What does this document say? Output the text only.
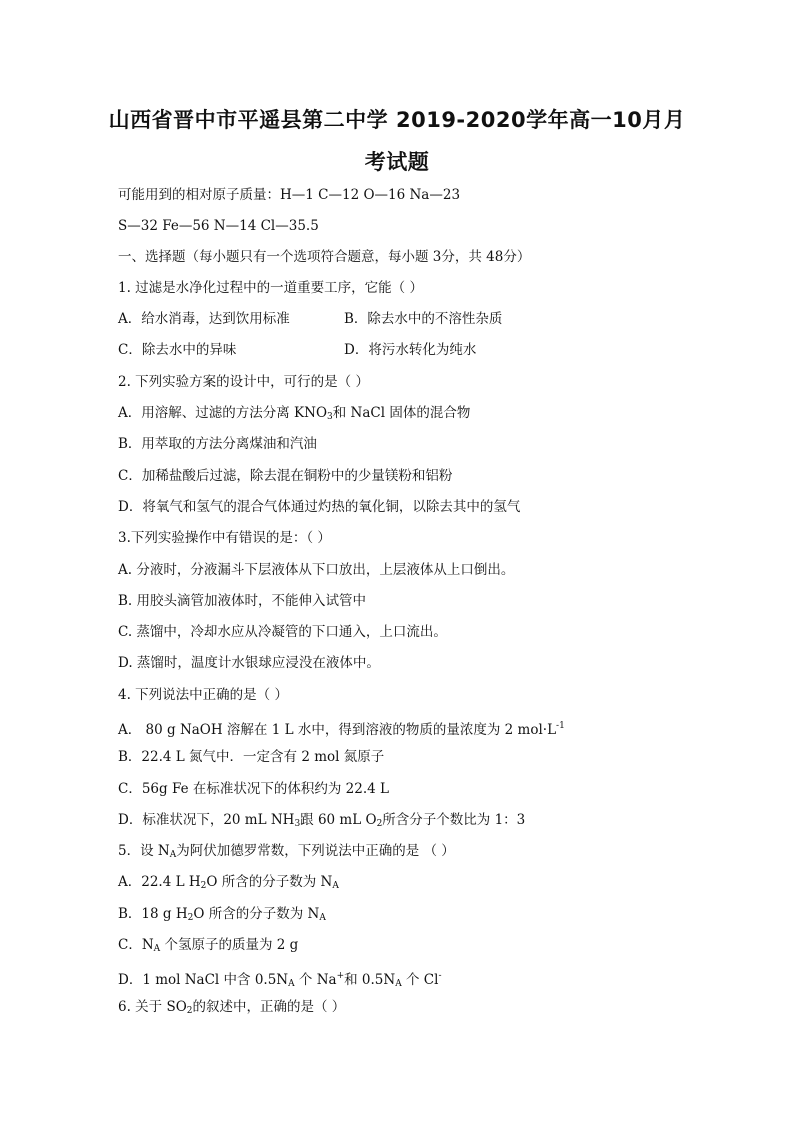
山西省晋中市平遥县第二中学 2019-2020学年高一10月月
考试题
可能用到的相对原子质量：H—1 C—12 O—16 Na—23
S—32 Fe—56 N—14 Cl—35.5
一、选择题（每小题只有一个选项符合题意，每小题 3分，共 48分）
1. 过滤是水净化过程中的一道重要工序，它能（ ）
A．给水消毒，达到饮用标准	B．除去水中的不溶性杂质
C．除去水中的异味	D．将污水转化为纯水
2. 下列实验方案的设计中，可行的是（ ）
A．用溶解、过滤的方法分离 $KNO_3$和 NaCl 固体的混合物
B．用萃取的方法分离煤油和汽油
C．加稀盐酸后过滤，除去混在铜粉中的少量镁粉和铝粉
D．将氧气和氢气的混合气体通过灼热的氧化铜，以除去其中的氢气
3.下列实验操作中有错误的是：（ ）
A. 分液时，分液漏斗下层液体从下口放出，上层液体从上口倒出。
B. 用胶头滴管加液体时，不能伸入试管中
C. 蒸馏中，冷却水应从冷凝管的下口通入，上口流出。
D. 蒸馏时，温度计水银球应浸没在液体中。
4. 下列说法中正确的是（ ）
A． 80 g NaOH 溶解在 1 L 水中，得到溶液的物质的量浓度为 2 $mol\cdot L^{-1}$
B．22.4 L 氮气中．一定含有 2 mol 氮原子
C．56g Fe 在标准状况下的体积约为 22.4 L
D．标准状况下，20 mL $NH_3$跟 60 mL $O_2$所含分子个数比为 1：3
5．设 $N_A$为阿伏加德罗常数，下列说法中正确的是 （ ）
A．22.4 L $H_2O$ 所含的分子数为 $N_A$
B．18 g $H_2O$ 所含的分子数为 $N_A$
C．$N_A$ 个氢原子的质量为 2 g
D．1 mol NaCl 中含 $0.5N_A$ 个 Na+和 $0.5N_A$ 个 Cl-
6. 关于 $SO_2$的叙述中，正确的是（ ）
